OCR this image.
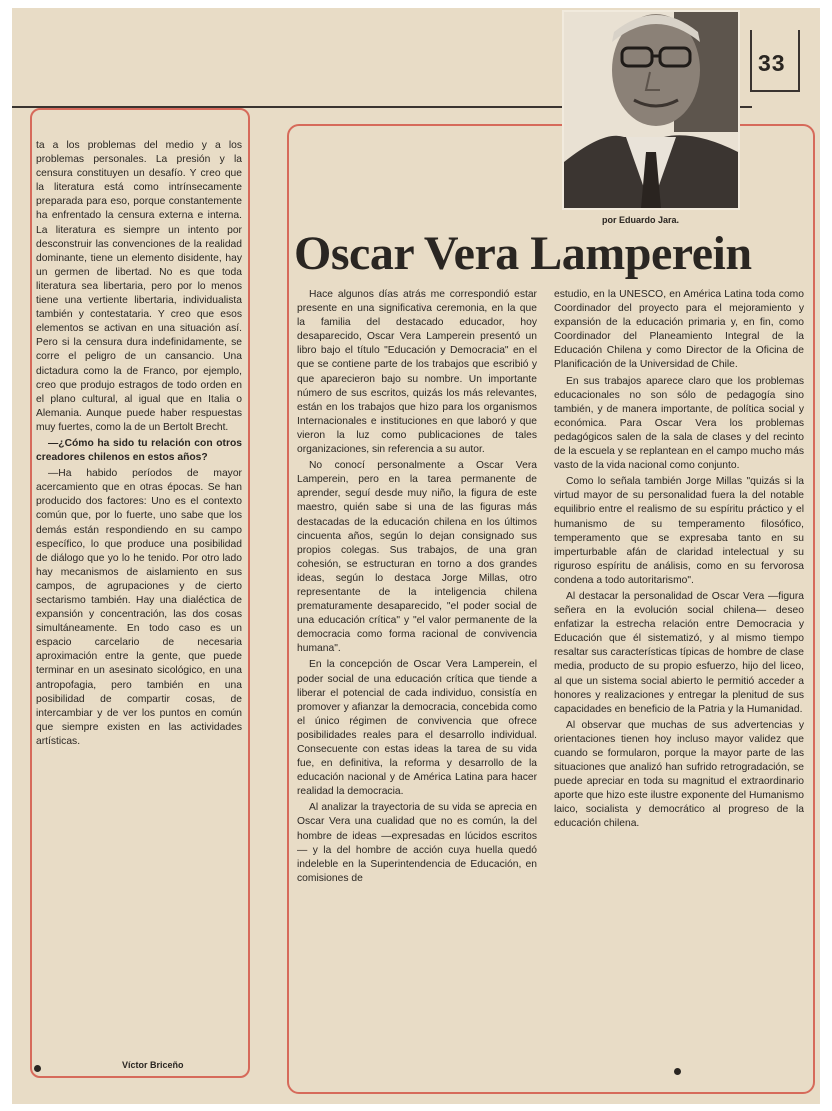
33
por Eduardo Jara.
Oscar Vera Lamperein

ta a los problemas del medio y a los problemas personales. La presión y la censura constituyen un desafío. Y creo que la literatura está como intrínsecamente preparada para eso, porque constantemente ha enfrentado la censura externa e interna. La literatura es siempre un intento por desconstruir las convenciones de la realidad dominante, tiene un elemento disidente, hay un germen de libertad. No es que toda literatura sea libertaria, pero por lo menos tiene una vertiente libertaria, individualista también y contestataria. Y creo que esos elementos se activan en una situación así. Pero si la censura dura indefinidamente, se corre el peligro de un cansancio. Una dictadura como la de Franco, por ejemplo, creo que produjo estragos de todo orden en el plano cultural, al igual que en Italia o Alemania. Aunque puede haber respuestas muy fuertes, como la de un Bertolt Brecht.

—¿Cómo ha sido tu relación con otros creadores chilenos en estos años?

—Ha habido períodos de mayor acercamiento que en otras épocas. Se han producido dos factores: Uno es el contexto común que, por lo fuerte, uno sabe que los demás están respondiendo en su campo específico, lo que produce una posibilidad de diálogo que yo lo he tenido. Por otro lado hay mecanismos de aislamiento en sus campos, de agrupaciones y de cierto sectarismo también. Hay una dialéctica de expansión y concentración, las dos cosas simultáneamente. En todo caso es un espacio carcelario de necesaria aproximación entre la gente, que puede terminar en un asesinato sicológico, en una antropofagia, pero también en una posibilidad de compartir cosas, de intercambiar y de ver los puntos en común que siempre existen en las actividades artísticas.

Víctor Briceño

Hace algunos días atrás me correspondió estar presente en una significativa ceremonia, en la que la familia del destacado educador, hoy desaparecido, Oscar Vera Lamperein presentó un libro bajo el título "Educación y Democracia" en el que se contiene parte de los trabajos que escribió y que aparecieron bajo su nombre. Un importante número de sus escritos, quizás los más relevantes, están en los trabajos que hizo para los organismos Internacionales e instituciones en que laboró y que vieron la luz como publicaciones de tales organizaciones, sin referencia a su autor.

No conocí personalmente a Oscar Vera Lamperein, pero en la tarea permanente de aprender, seguí desde muy niño, la figura de este maestro, quién sabe si una de las figuras más destacadas de la educación chilena en los últimos cincuenta años, según lo dejan consignado sus propios colegas. Sus trabajos, de una gran cohesión, se estructuran en torno a dos grandes ideas, según lo destaca Jorge Millas, otro representante de la inteligencia chilena prematuramente desaparecido, "el poder social de una educación crítica" y "el valor permanente de la democracia como forma racional de convivencia humana".

En la concepción de Oscar Vera Lamperein, el poder social de una educación crítica que tiende a liberar el potencial de cada individuo, consistía en promover y afianzar la democracia, concebida como el único régimen de convivencia que ofrece posibilidades reales para el desarrollo individual. Consecuente con estas ideas la tarea de su vida fue, en definitiva, la reforma y desarrollo de la educación nacional y de América Latina para hacer realidad la democracia.

Al analizar la trayectoria de su vida se aprecia en Oscar Vera una cualidad que no es común, la del hombre de ideas —expresadas en lúcidos escritos— y la del hombre de acción cuya huella quedó indeleble en la Superintendencia de Educación, en comisiones de

estudio, en la UNESCO, en América Latina toda como Coordinador del proyecto para el mejoramiento y expansión de la educación primaria y, en fin, como Coordinador del Planeamiento Integral de la Educación Chilena y como Director de la Oficina de Planificación de la Universidad de Chile.

En sus trabajos aparece claro que los problemas educacionales no son sólo de pedagogía sino también, y de manera importante, de política social y económica. Para Oscar Vera los problemas pedagógicos salen de la sala de clases y del recinto de la escuela y se replantean en el campo mucho más vasto de la vida nacional como conjunto.

Como lo señala también Jorge Millas "quizás si la virtud mayor de su personalidad fuera la del notable equilibrio entre el realismo de su espíritu práctico y el humanismo de su temperamento filosófico, temperamento que se expresaba tanto en su imperturbable afán de claridad intelectual y su riguroso espíritu de análisis, como en su fervorosa condena a todo autoritarismo".

Al destacar la personalidad de Oscar Vera —figura señera en la evolución social chilena— deseo enfatizar la estrecha relación entre Democracia y Educación que él sistematizó, y al mismo tiempo resaltar sus características típicas de hombre de clase media, producto de su propio esfuerzo, hijo del liceo, al que un sistema social abierto le permitió acceder a honores y realizaciones y entregar la plenitud de sus capacidades en beneficio de la Patria y la Humanidad.

Al observar que muchas de sus advertencias y orientaciones tienen hoy incluso mayor validez que cuando se formularon, porque la mayor parte de las situaciones que analizó han sufrido retrogradación, se puede apreciar en toda su magnitud el extraordinario aporte que hizo este ilustre exponente del Humanismo laico, socialista y democrático al progreso de la educación chilena.
